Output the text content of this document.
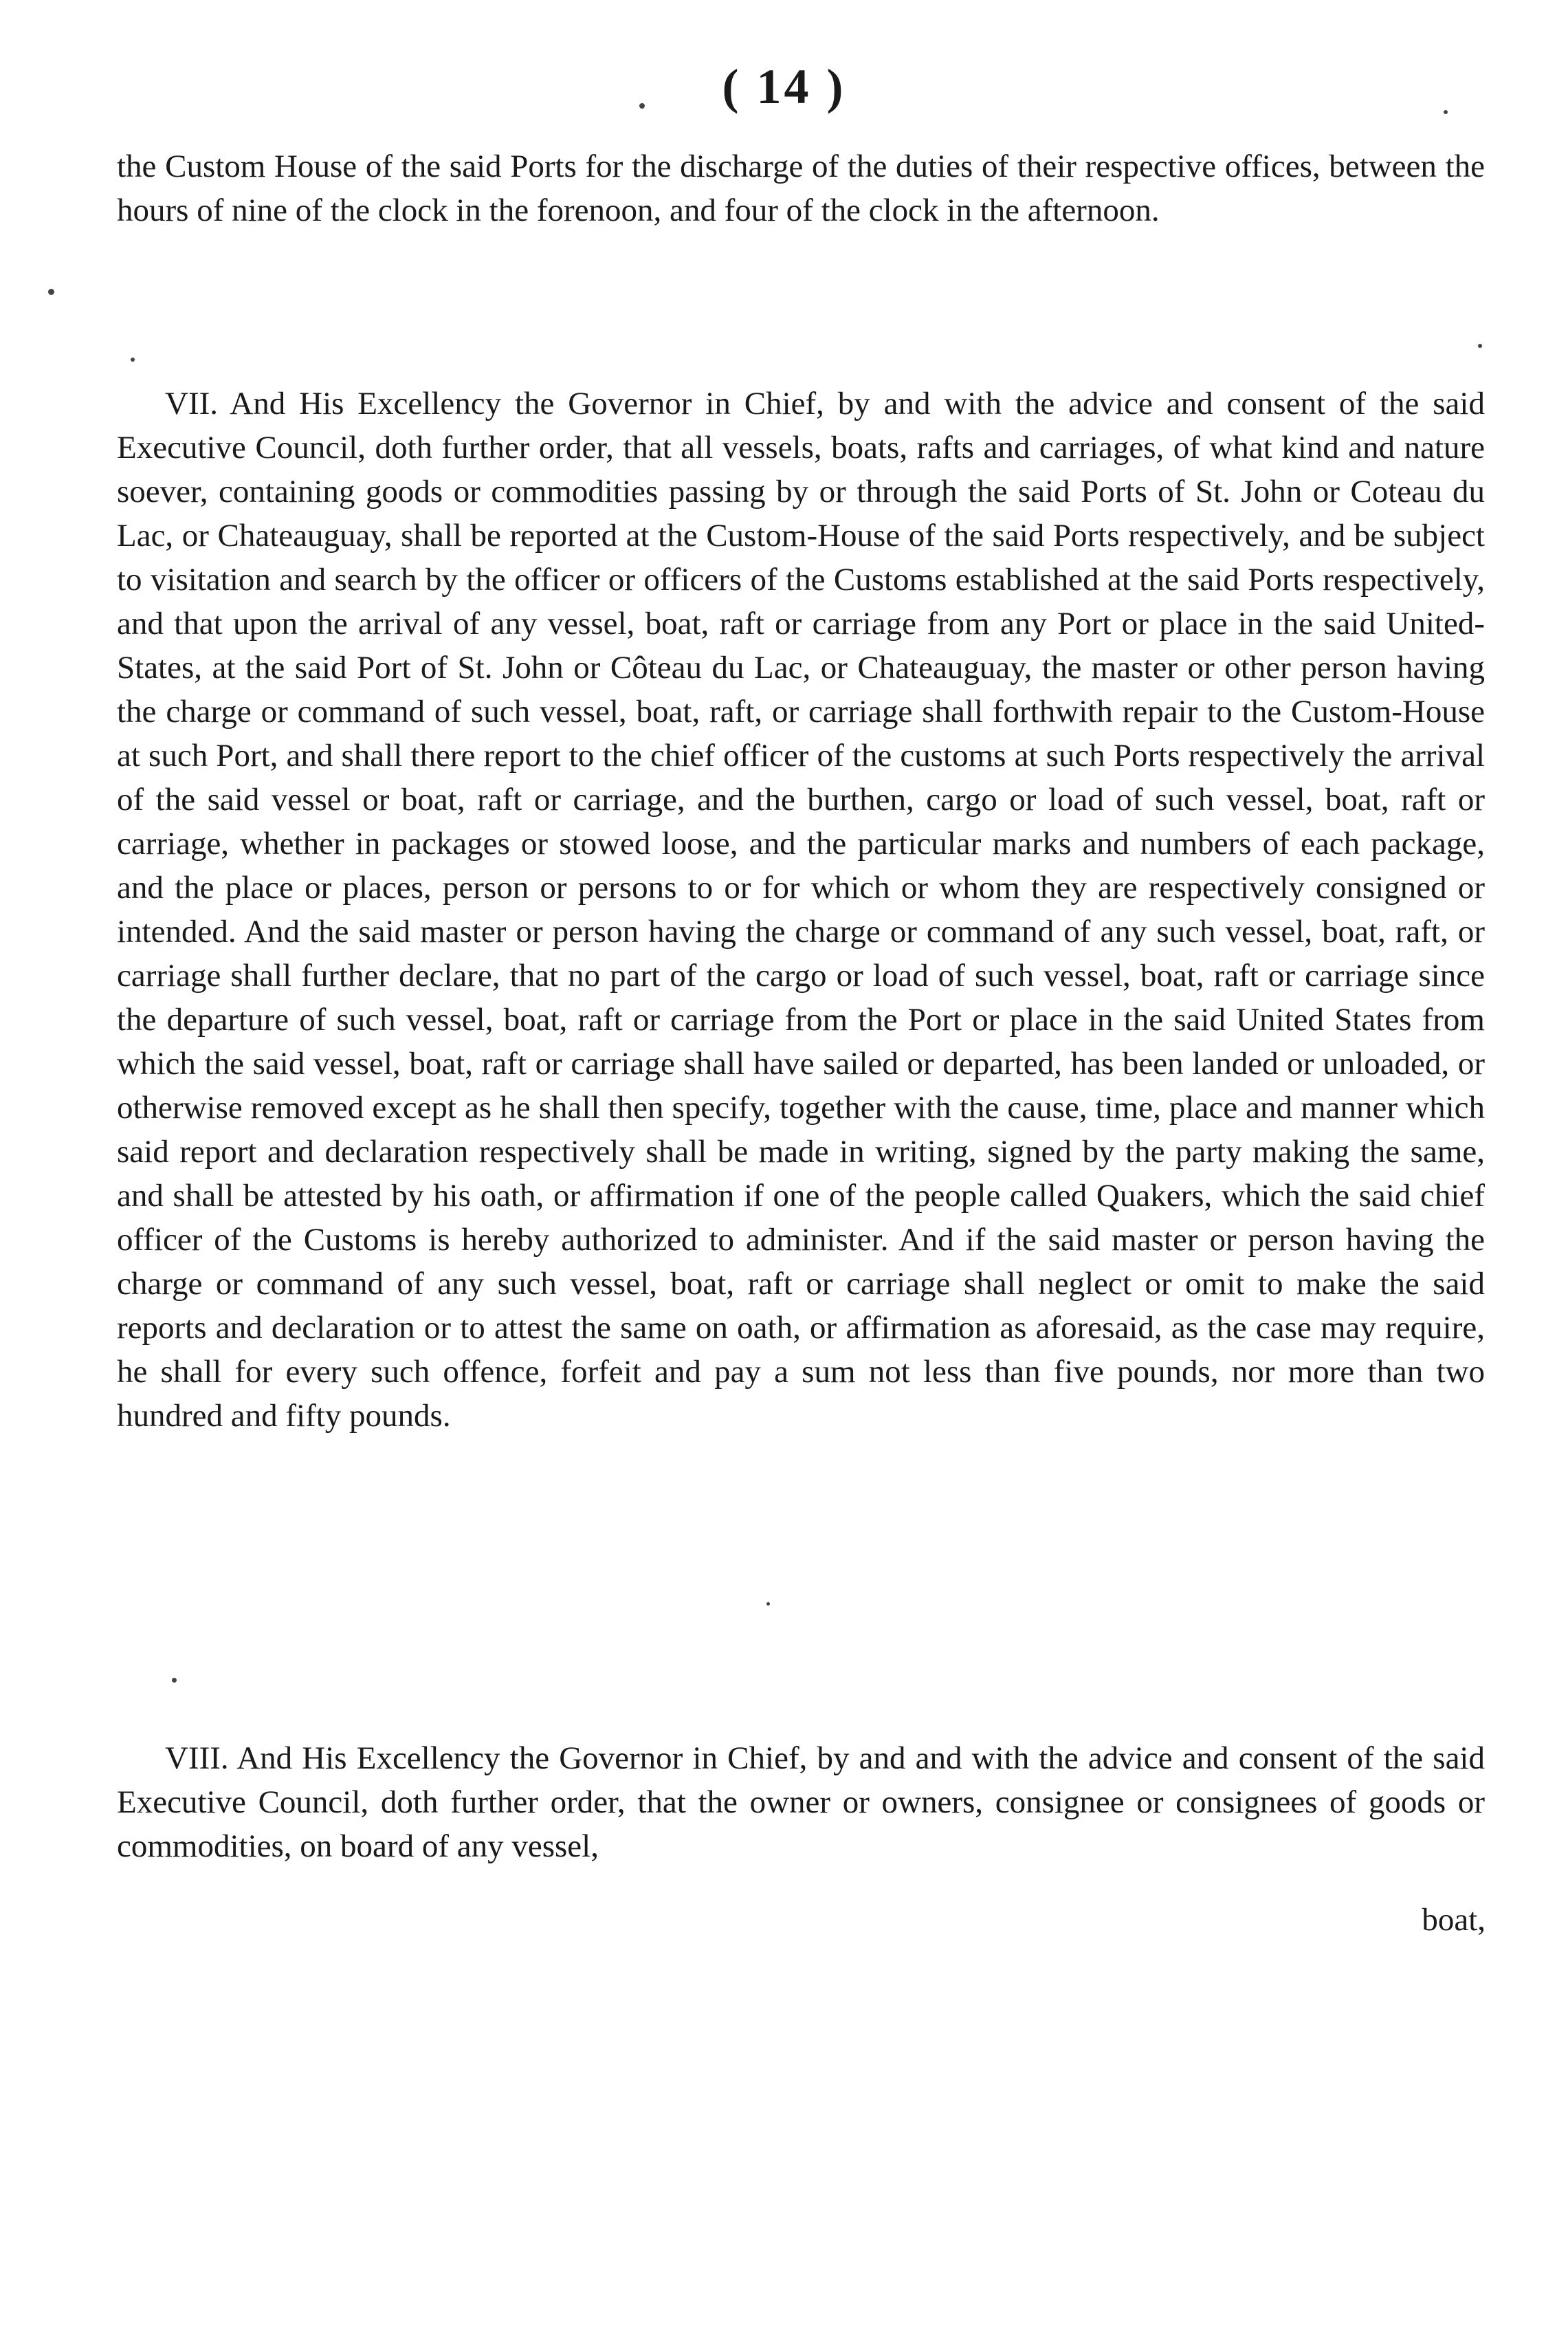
( 14 )

the Custom House of the said Ports for the discharge of the duties of their respective offices, between the hours of nine of the clock in the forenoon, and four of the clock in the afternoon.

VII. And His Excellency the Governor in Chief, by and with the advice and consent of the said Executive Council, doth further order, that all vessels, boats, rafts and carriages, of what kind and nature soever, containing goods or commodities passing by or through the said Ports of St. John or Coteau du Lac, or Chateauguay, shall be reported at the Custom-House of the said Ports respectively, and be subject to visitation and search by the officer or officers of the Customs established at the said Ports respectively, and that upon the arrival of any vessel, boat, raft or carriage from any Port or place in the said United-States, at the said Port of St. John or Côteau du Lac, or Chateauguay, the master or other person having the charge or command of such vessel, boat, raft, or carriage shall forthwith repair to the Custom-House at such Port, and shall there report to the chief officer of the customs at such Ports respectively the arrival of the said vessel or boat, raft or carriage, and the burthen, cargo or load of such vessel, boat, raft or carriage, whether in packages or stowed loose, and the particular marks and numbers of each package, and the place or places, person or persons to or for which or whom they are respectively consigned or intended. And the said master or person having the charge or command of any such vessel, boat, raft, or carriage shall further declare, that no part of the cargo or load of such vessel, boat, raft or carriage since the departure of such vessel, boat, raft or carriage from the Port or place in the said United States from which the said vessel, boat, raft or carriage shall have sailed or departed, has been landed or unloaded, or otherwise removed except as he shall then specify, together with the cause, time, place and manner which said report and declaration respectively shall be made in writing, signed by the party making the same, and shall be attested by his oath, or affirmation if one of the people called Quakers, which the said chief officer of the Customs is hereby authorized to administer. And if the said master or person having the charge or command of any such vessel, boat, raft or carriage shall neglect or omit to make the said reports and declaration or to attest the same on oath, or affirmation as aforesaid, as the case may require, he shall for every such offence, forfeit and pay a sum not less than five pounds, nor more than two hundred and fifty pounds.

VIII. And His Excellency the Governor in Chief, by and and with the advice and consent of the said Executive Council, doth further order, that the owner or owners, consignee or consignees of goods or commodities, on board of any vessel,

boat,
